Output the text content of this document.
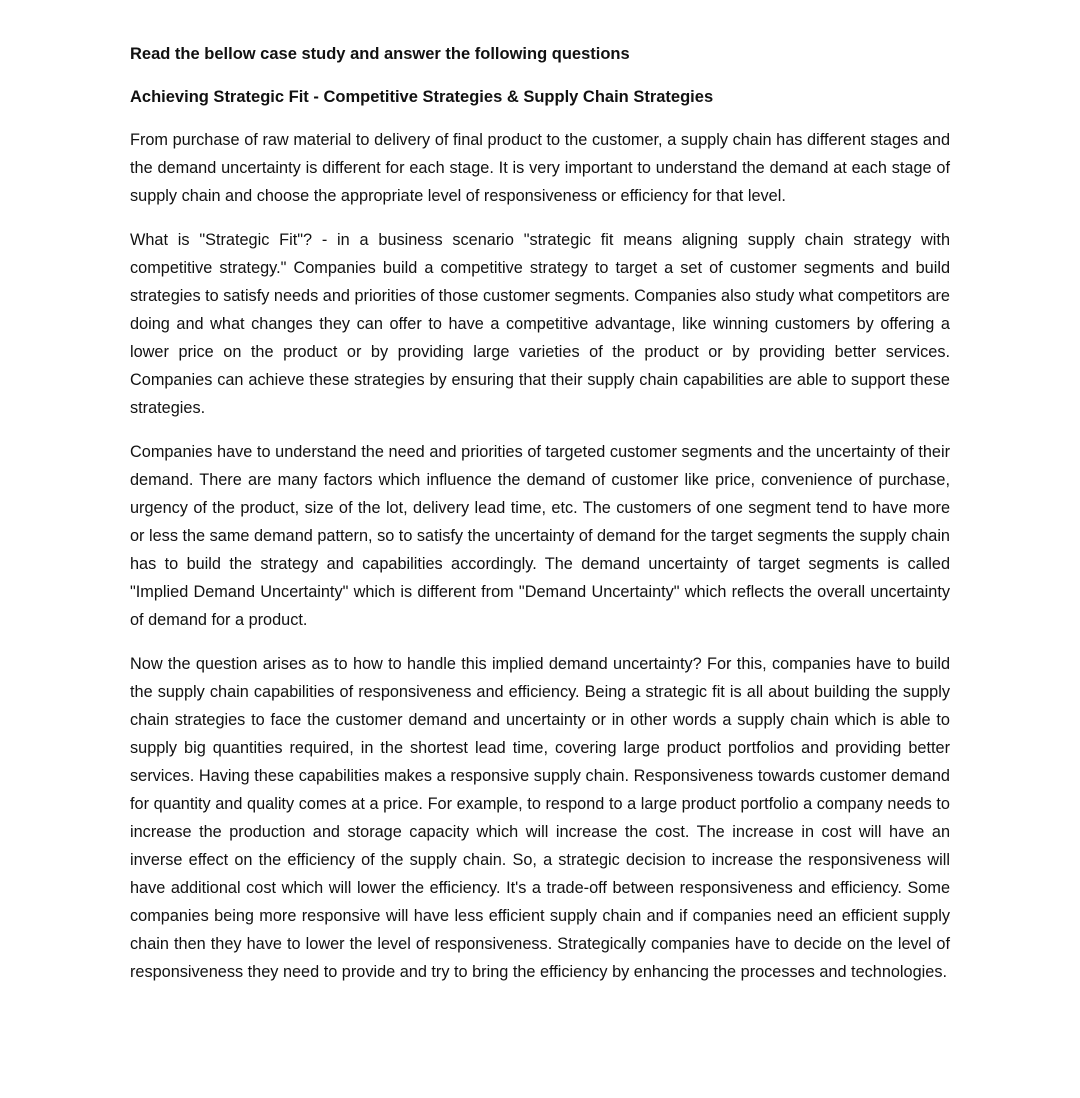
Read the bellow case study and answer the following questions

Achieving Strategic Fit - Competitive Strategies & Supply Chain Strategies

From purchase of raw material to delivery of final product to the customer, a supply chain has different stages and the demand uncertainty is different for each stage. It is very important to understand the demand at each stage of supply chain and choose the appropriate level of responsiveness or efficiency for that level.

What is "Strategic Fit"? - in a business scenario "strategic fit means aligning supply chain strategy with competitive strategy." Companies build a competitive strategy to target a set of customer segments and build strategies to satisfy needs and priorities of those customer segments. Companies also study what competitors are doing and what changes they can offer to have a competitive advantage, like winning customers by offering a lower price on the product or by providing large varieties of the product or by providing better services. Companies can achieve these strategies by ensuring that their supply chain capabilities are able to support these strategies.

Companies have to understand the need and priorities of targeted customer segments and the uncertainty of their demand. There are many factors which influence the demand of customer like price, convenience of purchase, urgency of the product, size of the lot, delivery lead time, etc. The customers of one segment tend to have more or less the same demand pattern, so to satisfy the uncertainty of demand for the target segments the supply chain has to build the strategy and capabilities accordingly. The demand uncertainty of target segments is called "Implied Demand Uncertainty" which is different from "Demand Uncertainty" which reflects the overall uncertainty of demand for a product.

Now the question arises as to how to handle this implied demand uncertainty? For this, companies have to build the supply chain capabilities of responsiveness and efficiency. Being a strategic fit is all about building the supply chain strategies to face the customer demand and uncertainty or in other words a supply chain which is able to supply big quantities required, in the shortest lead time, covering large product portfolios and providing better services. Having these capabilities makes a responsive supply chain. Responsiveness towards customer demand for quantity and quality comes at a price. For example, to respond to a large product portfolio a company needs to increase the production and storage capacity which will increase the cost. The increase in cost will have an inverse effect on the efficiency of the supply chain. So, a strategic decision to increase the responsiveness will have additional cost which will lower the efficiency. It's a trade-off between responsiveness and efficiency. Some companies being more responsive will have less efficient supply chain and if companies need an efficient supply chain then they have to lower the level of responsiveness. Strategically companies have to decide on the level of responsiveness they need to provide and try to bring the efficiency by enhancing the processes and technologies.
